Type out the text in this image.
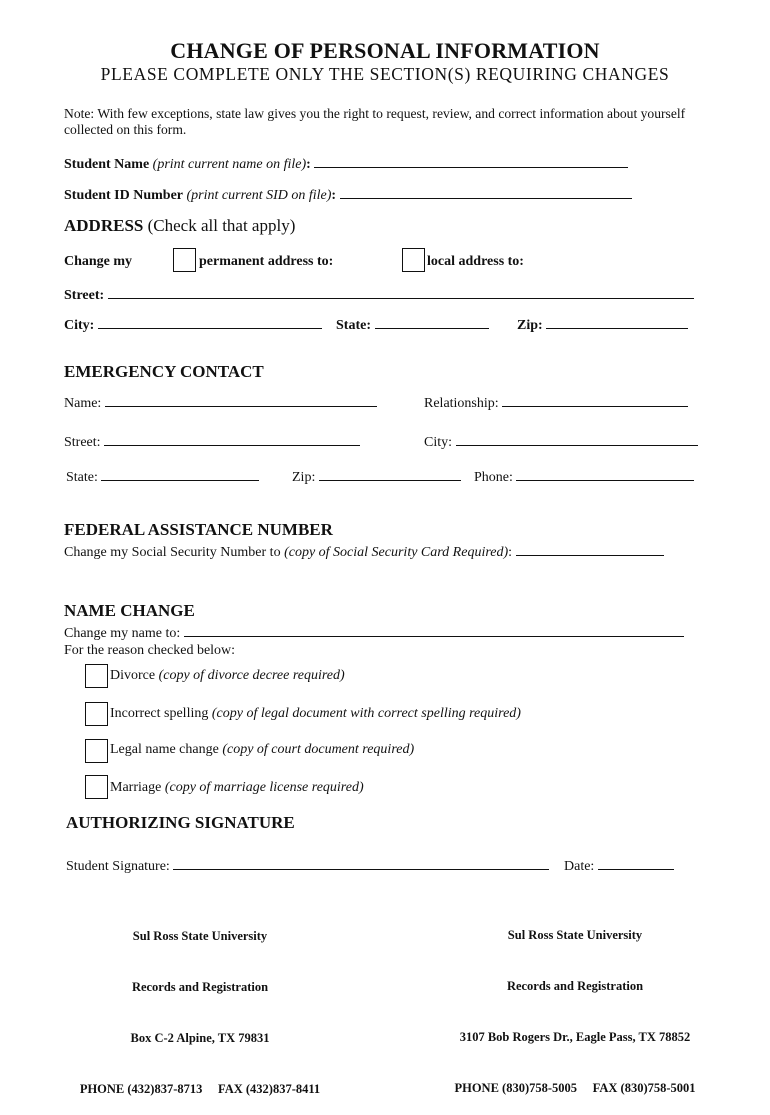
CHANGE OF PERSONAL INFORMATION
PLEASE COMPLETE ONLY THE SECTION(S) REQUIRING CHANGES
Note: With few exceptions, state law gives you the right to request, review, and correct information about yourself collected on this form.
Student Name (print current name on file):
Student ID Number (print current SID on file):
ADDRESS (Check all that apply)
Change my	permanent address to:	local address to:
Street:
City:	State:	Zip:
EMERGENCY CONTACT
Name:	Relationship:
Street:	City:
State:	Zip:	Phone:
FEDERAL ASSISTANCE NUMBER
Change my Social Security Number to (copy of Social Security Card Required):
NAME CHANGE
Change my name to:
For the reason checked below:
Divorce (copy of divorce decree required)
Incorrect spelling (copy of legal document with correct spelling required)
Legal name change (copy of court document required)
Marriage (copy of marriage license required)
AUTHORIZING SIGNATURE
Student Signature:	Date:

Sul Ross State University

Records and Registration

Box C-2 Alpine, TX 79831

PHONE (432)837-8713     FAX (432)837-8411

Sul Ross State University

Records and Registration

3107 Bob Rogers Dr., Eagle Pass, TX 78852

PHONE (830)758-5005     FAX (830)758-5001
